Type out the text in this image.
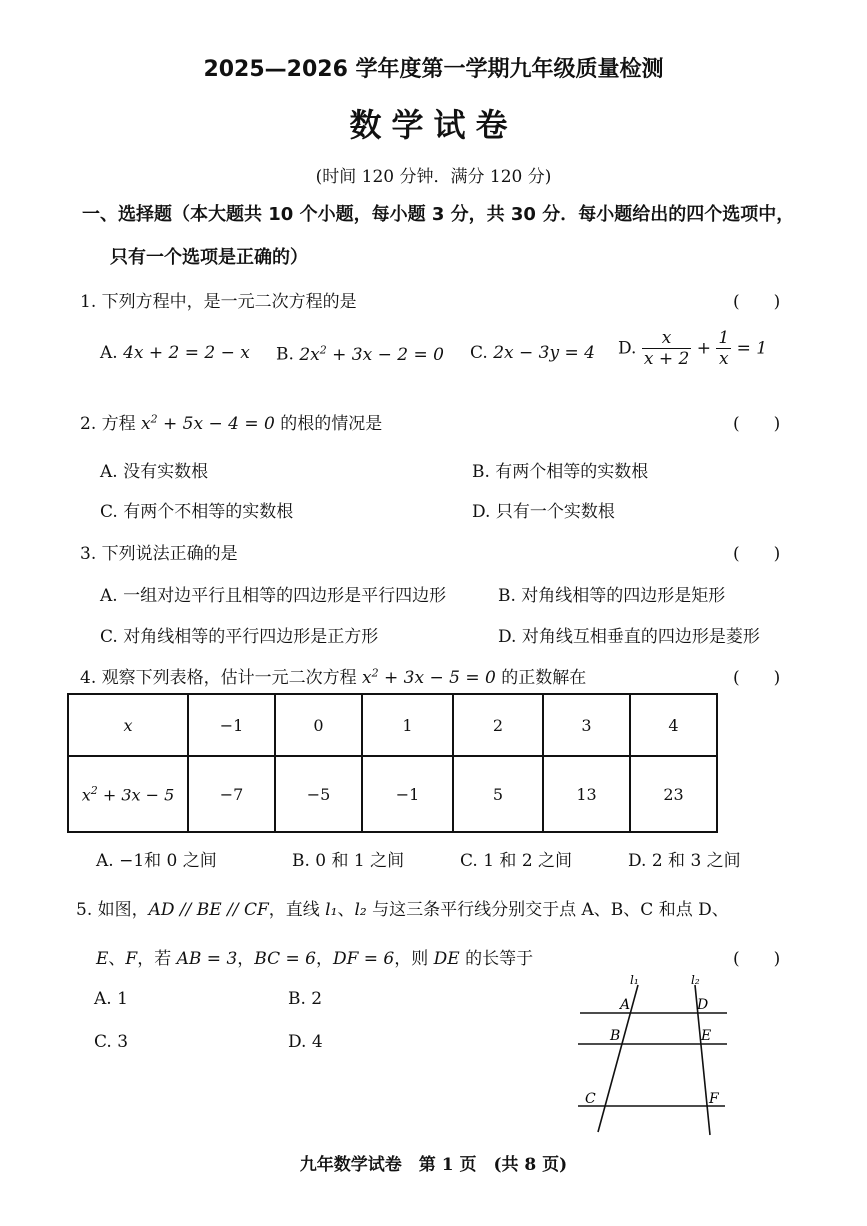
2025—2026 学年度第一学期九年级质量检测
数学试卷
(时间 120 分钟．满分 120 分)
一、选择题（本大题共 10 个小题，每小题 3 分，共 30 分．每小题给出的四个选项中，
只有一个选项是正确的）
1. 下列方程中，是一元二次方程的是	(　　)
A. 4x + 2 = 2 − x B. $2x^2 + 3x - 2 = 0$ C. 2x − 3y = 4 D. $\frac{x}{x + 2} + \frac{1}{x} = 1$
2. 方程 $x^2 + 5x - 4 = 0$ 的根的情况是	(　　)
A. 没有实数根	B. 有两个相等的实数根
C. 有两个不相等的实数根	D. 只有一个实数根
3. 下列说法正确的是	(　　)
A. 一组对边平行且相等的四边形是平行四边形	B. 对角线相等的四边形是矩形
C. 对角线相等的平行四边形是正方形	D. 对角线互相垂直的四边形是菱形
4. 观察下列表格，估计一元二次方程 $x^2 + 3x - 5 = 0$ 的正数解在	(　　)
x	−1	0	1	2	3	4
$x^2 + 3x - 5$	−7	−5	−1	5	13	23
A. −1和 0 之间	B. 0 和 1 之间	C. 1 和 2 之间	D. 2 和 3 之间
5. 如图，AD // BE // CF，直线 l₁、l₂ 与这三条平行线分别交于点 A、B、C 和点 D、
E、F，若 AB = 3，BC = 6，DF = 6，则 DE 的长等于	(　　)
A. 1	B. 2
C. 3	D. 4
l₁	l₂
A	D
B	E
C	F
九年数学试卷　第 1 页　(共 8 页)
